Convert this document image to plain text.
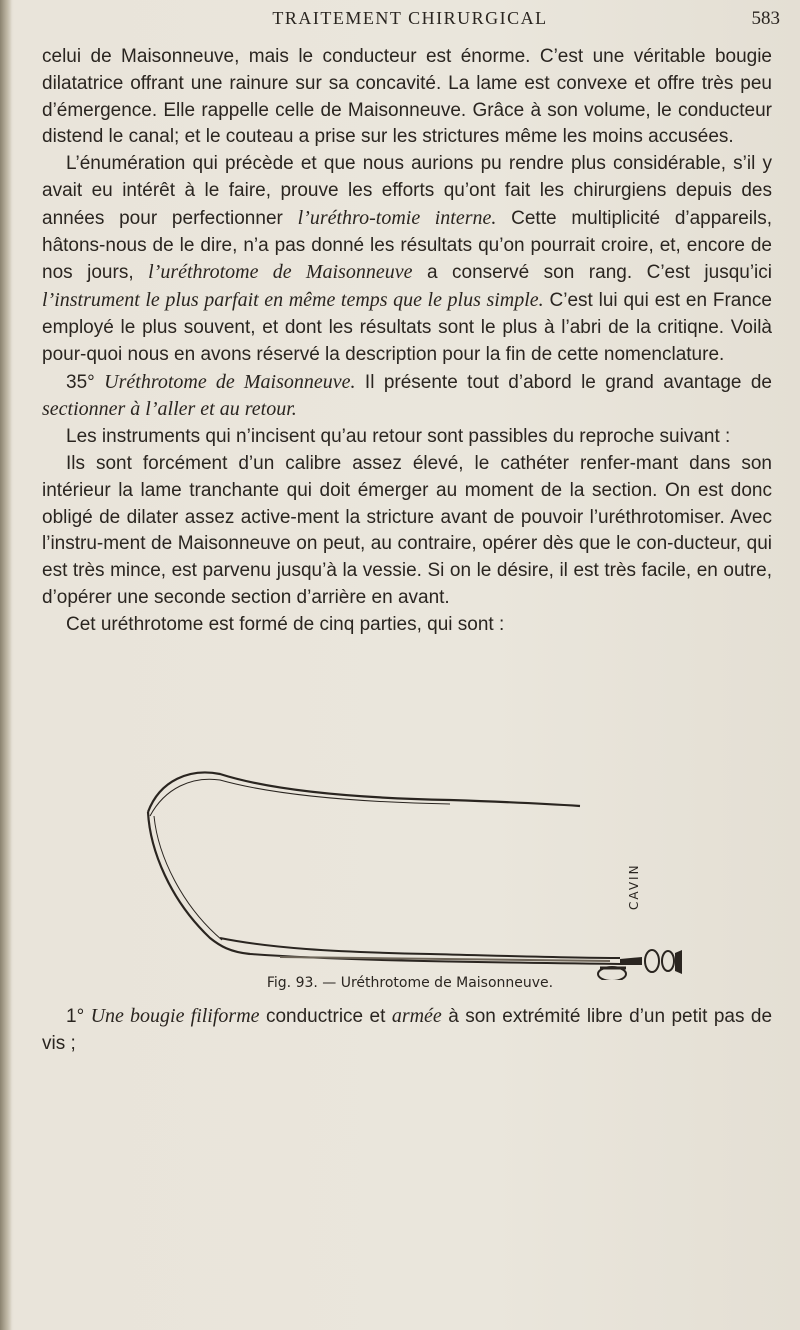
TRAITEMENT CHIRURGICAL	583

celui de Maisonneuve, mais le conducteur est énorme. C’est une véritable bougie dilatatrice offrant une rainure sur sa concavité. La lame est convexe et offre très peu d’émergence. Elle rappelle celle de Maisonneuve. Grâce à son volume, le conducteur distend le canal; et le couteau a prise sur les strictures même les moins accusées.

L’énumération qui précède et que nous aurions pu rendre plus considérable, s’il y avait eu intérêt à le faire, prouve les efforts qu’ont fait les chirurgiens depuis des années pour perfectionner l’uréthro-tomie interne. Cette multiplicité d’appareils, hâtons-nous de le dire, n’a pas donné les résultats qu’on pourrait croire, et, encore de nos jours, l’uréthrotome de Maisonneuve a conservé son rang. C’est jusqu’ici l’instrument le plus parfait en même temps que le plus simple. C’est lui qui est en France employé le plus souvent, et dont les résultats sont le plus à l’abri de la critiqne. Voilà pour-quoi nous en avons réservé la description pour la fin de cette nomenclature.

35° Uréthrotome de Maisonneuve. Il présente tout d’abord le grand avantage de sectionner à l’aller et au retour.

Les instruments qui n’incisent qu’au retour sont passibles du reproche suivant :

Ils sont forcément d’un calibre assez élevé, le cathéter renfer-mant dans son intérieur la lame tranchante qui doit émerger au moment de la section. On est donc obligé de dilater assez active-ment la stricture avant de pouvoir l’uréthrotomiser. Avec l’instru-ment de Maisonneuve on peut, au contraire, opérer dès que le con-ducteur, qui est très mince, est parvenu jusqu’à la vessie. Si on le désire, il est très facile, en outre, d’opérer une seconde section d’arrière en avant.

Cet uréthrotome est formé de cinq parties, qui sont :

CAVIN
Fig. 93. — Uréthrotome de Maisonneuve.

1° Une bougie filiforme conductrice et armée à son extrémité libre d’un petit pas de vis ;
